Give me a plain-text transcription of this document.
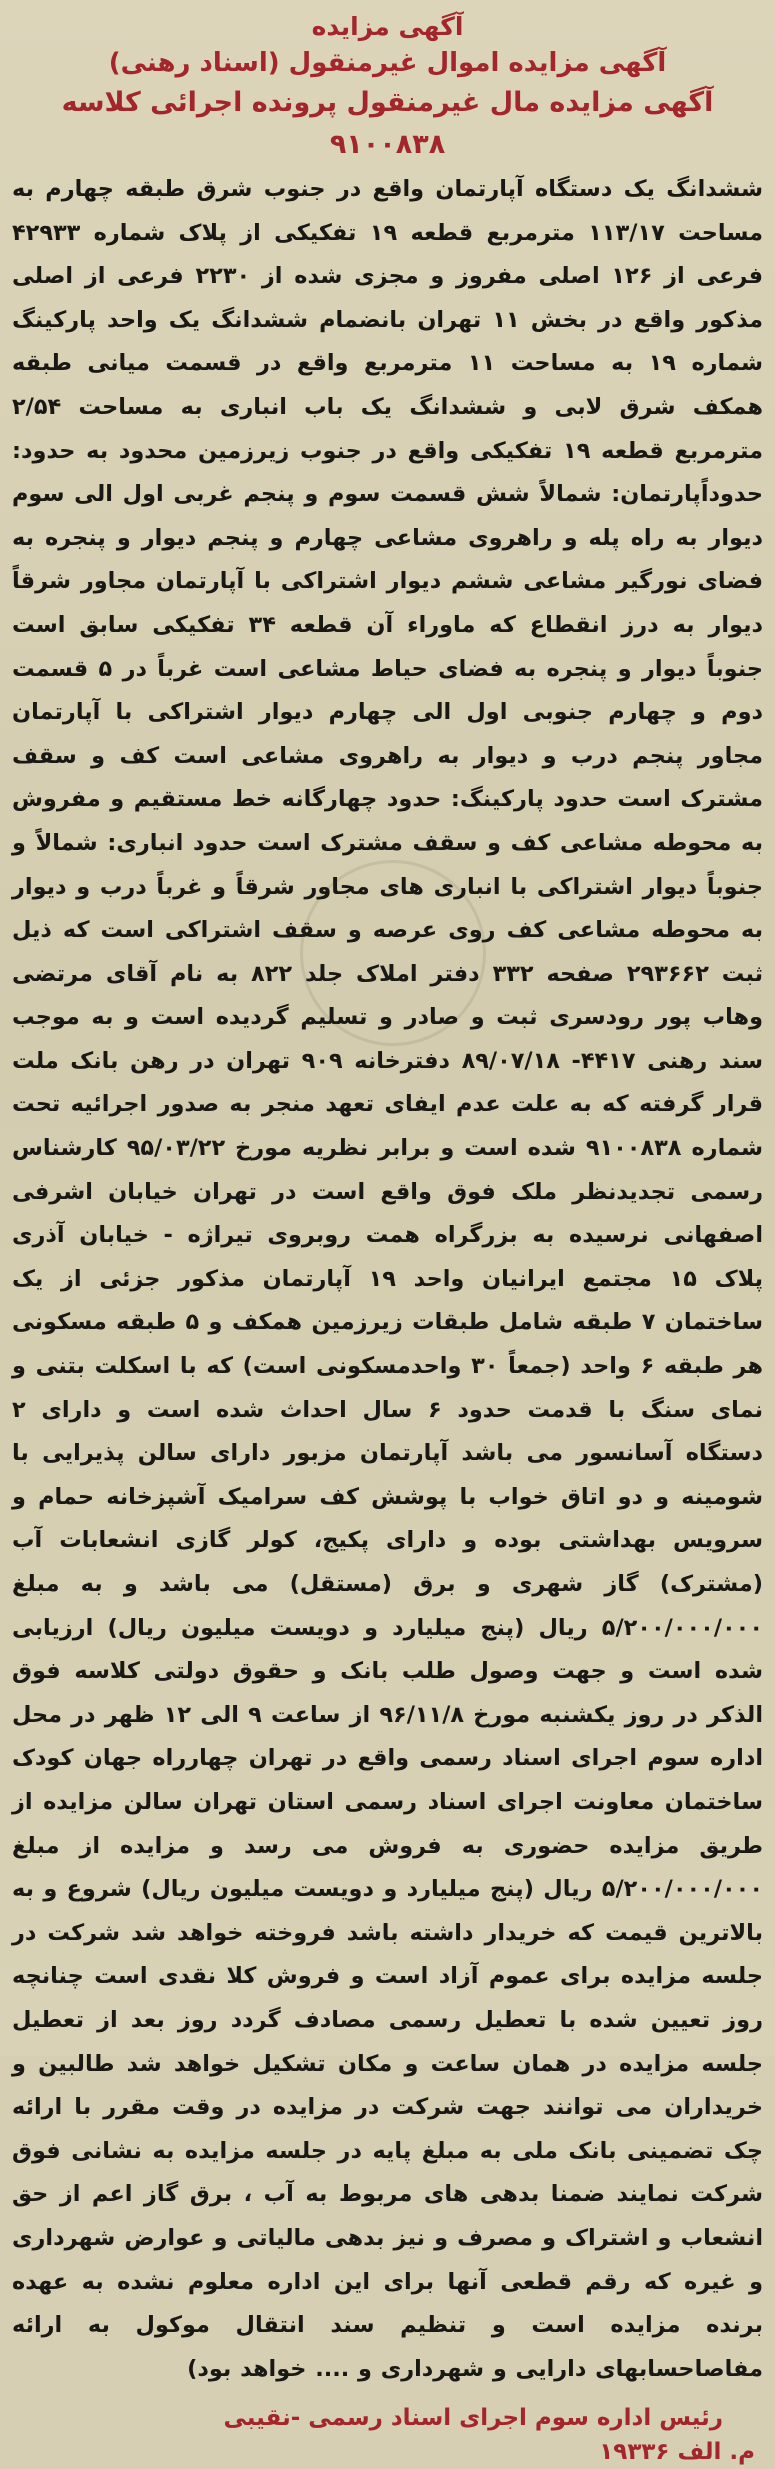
آگهی مزایده
آگهی مزایده اموال غیرمنقول (اسناد رهنی)
آگهی مزایده مال غیرمنقول پرونده اجرائی کلاسه ۹۱۰۰۸۳۸

ششدانگ یک دستگاه آپارتمان واقع در جنوب شرق طبقه چهارم به مساحت ۱۱۳/۱۷ مترمربع قطعه ۱۹ تفکیکی از پلاک شماره ۴۲۹۳۳ فرعی از ۱۲۶ اصلی مفروز و مجزی شده از ۲۲۳۰ فرعی از اصلی مذکور واقع در بخش ۱۱ تهران بانضمام ششدانگ یک واحد پارکینگ شماره ۱۹ به مساحت ۱۱ مترمربع واقع در قسمت میانی طبقه همکف شرق لابی و ششدانگ یک باب انباری به مساحت ۲/۵۴ مترمربع قطعه ۱۹ تفکیکی واقع در جنوب زیرزمین محدود به حدود: حدوداًپارتمان: شمالاً شش قسمت سوم و پنجم غربی اول الی سوم دیوار به راه پله و راهروی مشاعی چهارم و پنجم دیوار و پنجره به فضای نورگیر مشاعی ششم دیوار اشتراکی با آپارتمان مجاور شرقاً دیوار به درز انقطاع که ماوراء آن قطعه ۳۴ تفکیکی سابق است جنوباً دیوار و پنجره به فضای حیاط مشاعی است غرباً در ۵ قسمت دوم و چهارم جنوبی اول الی چهارم دیوار اشتراکی با آپارتمان مجاور پنجم درب و دیوار به راهروی مشاعی است کف و سقف مشترک است حدود پارکینگ: حدود چهارگانه خط مستقیم و مفروش به محوطه مشاعی کف و سقف مشترک است حدود انباری: شمالاً و جنوباً دیوار اشتراکی با انباری های مجاور شرقاً و غرباً درب و دیوار به محوطه مشاعی کف روی عرصه و سقف اشتراکی است که ذیل ثبت ۲۹۳۶۶۲ صفحه ۳۳۲ دفتر املاک جلد ۸۲۲ به نام آقای مرتضی وهاب پور رودسری ثبت و صادر و تسلیم گردیده است و به موجب سند رهنی ۴۴۱۷- ۸۹/۰۷/۱۸ دفترخانه ۹۰۹ تهران در رهن بانک ملت قرار گرفته که به علت عدم ایفای تعهد منجر به صدور اجرائیه تحت شماره ۹۱۰۰۸۳۸ شده است و برابر نظریه مورخ ۹۵/۰۳/۲۲ کارشناس رسمی تجدیدنظر ملک فوق واقع است در تهران خیابان اشرفی اصفهانی نرسیده به بزرگراه همت روبروی تیراژه - خیابان آذری پلاک ۱۵ مجتمع ایرانیان واحد ۱۹ آپارتمان مذکور جزئی از یک ساختمان ۷ طبقه شامل طبقات زیرزمین همکف و ۵ طبقه مسکونی هر طبقه ۶ واحد (جمعاً ۳۰ واحدمسکونی است) که با اسکلت بتنی و نمای سنگ با قدمت حدود ۶ سال احداث شده است و دارای ۲ دستگاه آسانسور می باشد آپارتمان مزبور دارای سالن پذیرایی با شومینه و دو اتاق خواب با پوشش کف سرامیک آشپزخانه حمام و سرویس بهداشتی بوده و دارای پکیج، کولر گازی انشعابات آب (مشترک) گاز شهری و برق (مستقل) می باشد و به مبلغ ۵/۲۰۰/۰۰۰/۰۰۰ ریال (پنج میلیارد و دویست میلیون ریال) ارزیابی شده است و جهت وصول طلب بانک و حقوق دولتی کلاسه فوق الذکر در روز یکشنبه مورخ ۹۶/۱۱/۸ از ساعت ۹ الی ۱۲ ظهر در محل اداره سوم اجرای اسناد رسمی واقع در تهران چهارراه جهان کودک ساختمان معاونت اجرای اسناد رسمی استان تهران سالن مزایده از طریق مزایده حضوری به فروش می رسد و مزایده از مبلغ ۵/۲۰۰/۰۰۰/۰۰۰ ریال (پنج میلیارد و دویست میلیون ریال) شروع و به بالاترین قیمت که خریدار داشته باشد فروخته خواهد شد شرکت در جلسه مزایده برای عموم آزاد است و فروش کلا نقدی است چنانچه روز تعیین شده با تعطیل رسمی مصادف گردد روز بعد از تعطیل جلسه مزایده در همان ساعت و مکان تشکیل خواهد شد طالبین و خریداران می توانند جهت شرکت در مزایده در وقت مقرر با ارائه چک تضمینی بانک ملی به مبلغ پایه در جلسه مزایده به نشانی فوق شرکت نمایند ضمنا بدهی های مربوط به آب ، برق گاز اعم از حق انشعاب و اشتراک و مصرف و نیز بدهی مالیاتی و عوارض شهرداری و غیره که رقم قطعی آنها برای این اداره معلوم نشده به عهده برنده مزایده است و تنظیم سند انتقال موکول به ارائه مفاصاحسابهای دارایی و شهرداری و .... خواهد بود)

رئیس اداره سوم اجرای اسناد رسمی -نقیبی
م. الف ۱۹۳۳۶
